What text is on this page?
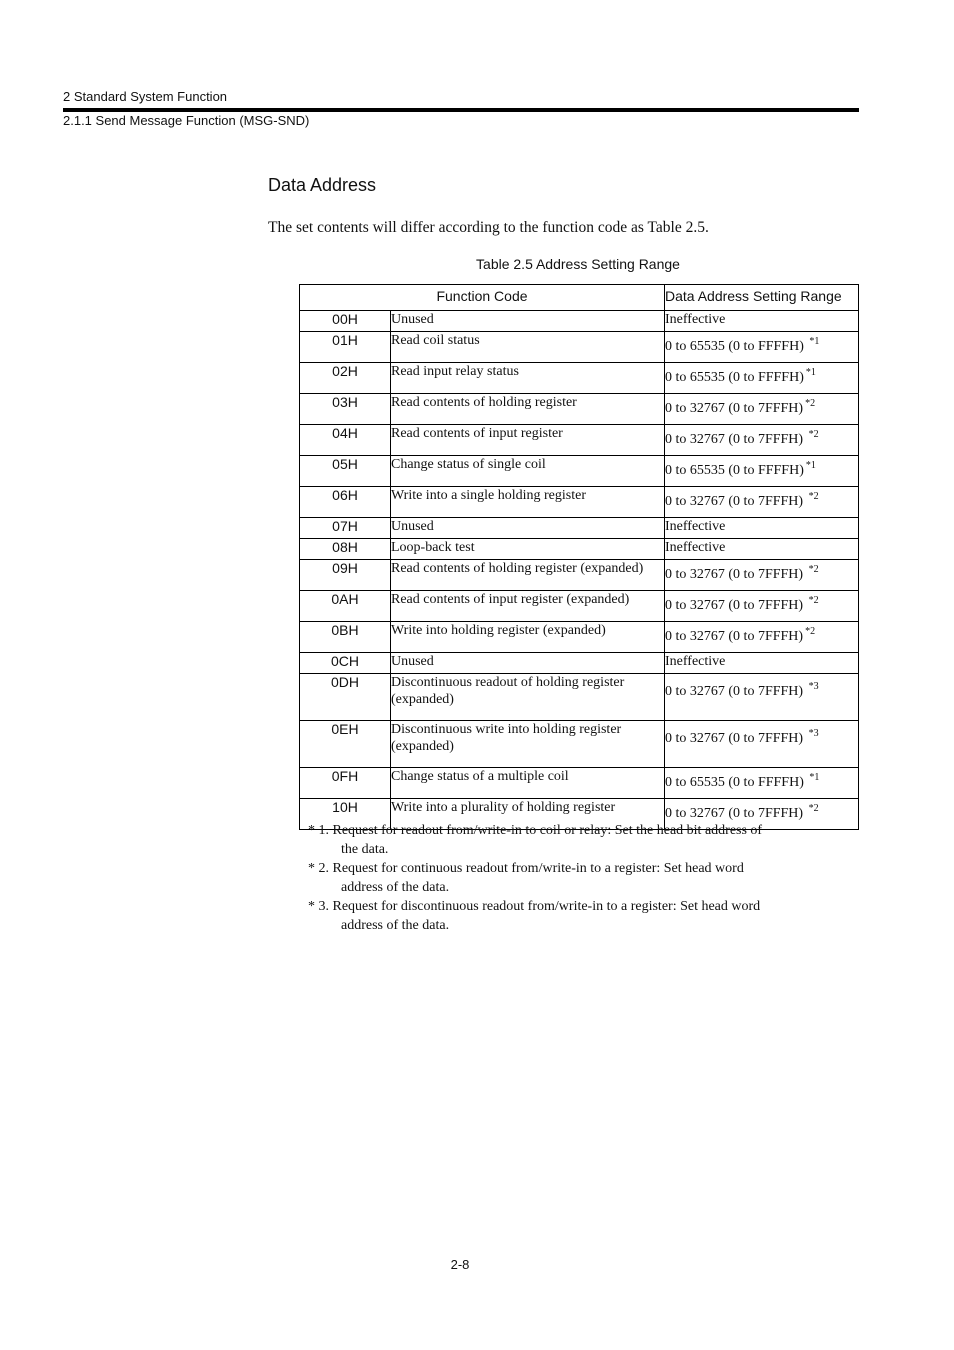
2 Standard System Function
2.1.1 Send Message Function (MSG-SND)
Data Address
The set contents will differ according to the function code as Table 2.5.
Table 2.5 Address Setting Range
Function Code		Data Address Setting Range
00H	Unused	Ineffective
01H	Read coil status	0 to 65535 (0 to FFFFH) $^{*1}$
02H	Read input relay status	0 to 65535 (0 to FFFFH) $^{*1}$
03H	Read contents of holding register	0 to 32767 (0 to 7FFFH) $^{*2}$
04H	Read contents of input register	0 to 32767 (0 to 7FFFH) $^{*2}$
05H	Change status of single coil	0 to 65535 (0 to FFFFH) $^{*1}$
06H	Write into a single holding register	0 to 32767 (0 to 7FFFH) $^{*2}$
07H	Unused	Ineffective
08H	Loop-back test	Ineffective
09H	Read contents of holding register (expanded)	0 to 32767 (0 to 7FFFH) $^{*2}$
0AH	Read contents of input register (expanded)	0 to 32767 (0 to 7FFFH) $^{*2}$
0BH	Write into holding register (expanded)	0 to 32767 (0 to 7FFFH) $^{*2}$
0CH	Unused	Ineffective
0DH	Discontinuous readout of holding register (expanded)	0 to 32767 (0 to 7FFFH) $^{*3}$
0EH	Discontinuous write into holding register (expanded)	0 to 32767 (0 to 7FFFH) $^{*3}$
0FH	Change status of a multiple coil	0 to 65535 (0 to FFFFH) $^{*1}$
10H	Write into a plurality of holding register	0 to 32767 (0 to 7FFFH) $^{*2}$

* 1. Request for readout from/write-in to coil or relay: Set the head bit address of the data.

* 2. Request for continuous readout from/write-in to a register: Set head word address of the data.

* 3. Request for discontinuous readout from/write-in to a register: Set head word address of the data.

2-8
